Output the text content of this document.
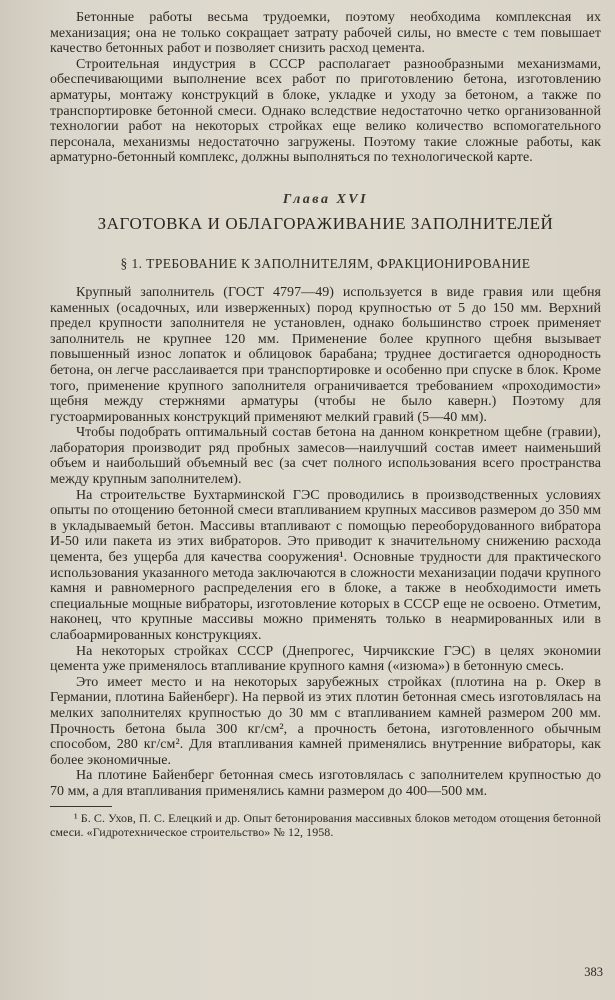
Бетонные работы весьма трудоемки, поэтому необходима комплексная их механизация; она не только сокращает затрату рабочей силы, но вместе с тем повышает качество бетонных работ и позволяет снизить расход цемента.

Строительная индустрия в СССР располагает разнообразными механизмами, обеспечивающими выполнение всех работ по приготовлению бетона, изготовлению арматуры, монтажу конструкций в блоке, укладке и уходу за бетоном, а также по транспортировке бетонной смеси. Однако вследствие недостаточно четко организованной технологии работ на некоторых стройках еще велико количество вспомогательного персонала, механизмы недостаточно загружены. Поэтому такие сложные работы, как арматурно-бетонный комплекс, должны выполняться по технологической карте.

Глава XVI
ЗАГОТОВКА И ОБЛАГОРАЖИВАНИЕ ЗАПОЛНИТЕЛЕЙ
§ 1. ТРЕБОВАНИЕ К ЗАПОЛНИТЕЛЯМ, ФРАКЦИОНИРОВАНИЕ

Крупный заполнитель (ГОСТ 4797—49) используется в виде гравия или щебня каменных (осадочных, или изверженных) пород крупностью от 5 до 150 мм. Верхний предел крупности заполнителя не установлен, однако большинство строек применяет заполнитель не крупнее 120 мм. Применение более крупного щебня вызывает повышенный износ лопаток и облицовок барабана; труднее достигается однородность бетона, он легче расслаивается при транспортировке и особенно при спуске в блок. Кроме того, применение крупного заполнителя ограничивается требованием «проходимости» щебня между стержнями арматуры (чтобы не было каверн.) Поэтому для густоармированных конструкций применяют мелкий гравий (5—40 мм).

Чтобы подобрать оптимальный состав бетона на данном конкретном щебне (гравии), лаборатория производит ряд пробных замесов—наилучший состав имеет наименьший объем и наибольший объемный вес (за счет полного использования всего пространства между крупным заполнителем).

На строительстве Бухтарминской ГЭС проводились в производственных условиях опыты по отощению бетонной смеси втапливанием крупных массивов размером до 350 мм в укладываемый бетон. Массивы втапливают с помощью переоборудованного вибратора И-50 или пакета из этих вибраторов. Это приводит к значительному снижению расхода цемента, без ущерба для качества сооружения¹. Основные трудности для практического использования указанного метода заключаются в сложности механизации подачи крупного камня и равномерного распределения его в блоке, а также в необходимости иметь специальные мощные вибраторы, изготовление которых в СССР еще не освоено. Отметим, наконец, что крупные массивы можно применять только в неармированных или в слабоармированных конструкциях.

На некоторых стройках СССР (Днепрогес, Чирчикские ГЭС) в целях экономии цемента уже применялось втапливание крупного камня («изюма») в бетонную смесь.

Это имеет место и на некоторых зарубежных стройках (плотина на р. Окер в Германии, плотина Байенберг). На первой из этих плотин бетонная смесь изготовлялась на мелких заполнителях крупностью до 30 мм с втапливанием камней размером 200 мм. Прочность бетона была 300 кг/см², а прочность бетона, изготовленного обычным способом, 280 кг/см². Для втапливания камней применялись внутренние вибраторы, как более экономичные.

На плотине Байенберг бетонная смесь изготовлялась с заполнителем крупностью до 70 мм, а для втапливания применялись камни размером до 400—500 мм.

¹ Б. С. Ухов, П. С. Елецкий и др. Опыт бетонирования массивных блоков методом отощения бетонной смеси. «Гидротехническое строительство» № 12, 1958.

383
